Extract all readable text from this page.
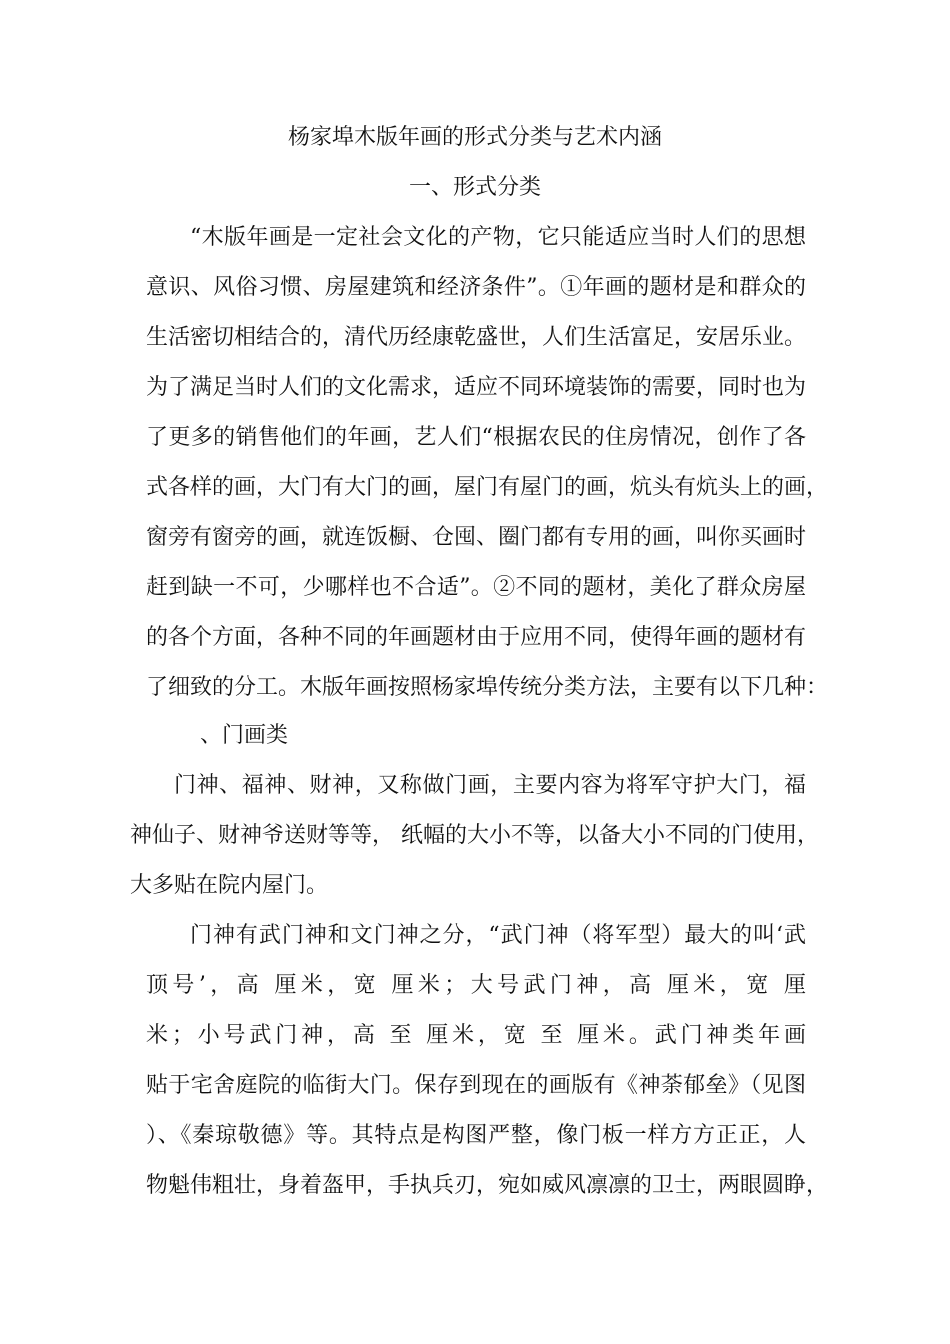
杨家埠木版年画的形式分类与艺术内涵
一、形式分类
“木版年画是一定社会文化的产物，它只能适应当时人们的思想
意识、风俗习惯、房屋建筑和经济条件”。①年画的题材是和群众的
生活密切相结合的，清代历经康乾盛世，人们生活富足，安居乐业。
为了满足当时人们的文化需求，适应不同环境装饰的需要，同时也为
了更多的销售他们的年画，艺人们“根据农民的住房情况，创作了各
式各样的画，大门有大门的画，屋门有屋门的画，炕头有炕头上的画，
窗旁有窗旁的画，就连饭橱、仓囤、圈门都有专用的画，叫你买画时
赶到缺一不可，少哪样也不合适”。②不同的题材，美化了群众房屋
的各个方面，各种不同的年画题材由于应用不同，使得年画的题材有
了细致的分工。木版年画按照杨家埠传统分类方法，主要有以下几种：
、门画类
门神、福神、财神，又称做门画，主要内容为将军守护大门，福
神仙子、财神爷送财等等， 纸幅的大小不等，以备大小不同的门使用，
大多贴在院内屋门。
门神有武门神和文门神之分，“武门神（将军型）最大的叫‘武
顶号’，高 厘米，宽 厘米；大号武门神，高 厘米，宽 厘
米；小号武门神，高 至 厘米，宽 至 厘米。武门神类年画
贴于宅舍庭院的临街大门。保存到现在的画版有《神荼郁垒》（见图
）、《秦琼敬德》等。其特点是构图严整，像门板一样方方正正，人
物魁伟粗壮，身着盔甲，手执兵刃，宛如威风凛凛的卫士，两眼圆睁，
